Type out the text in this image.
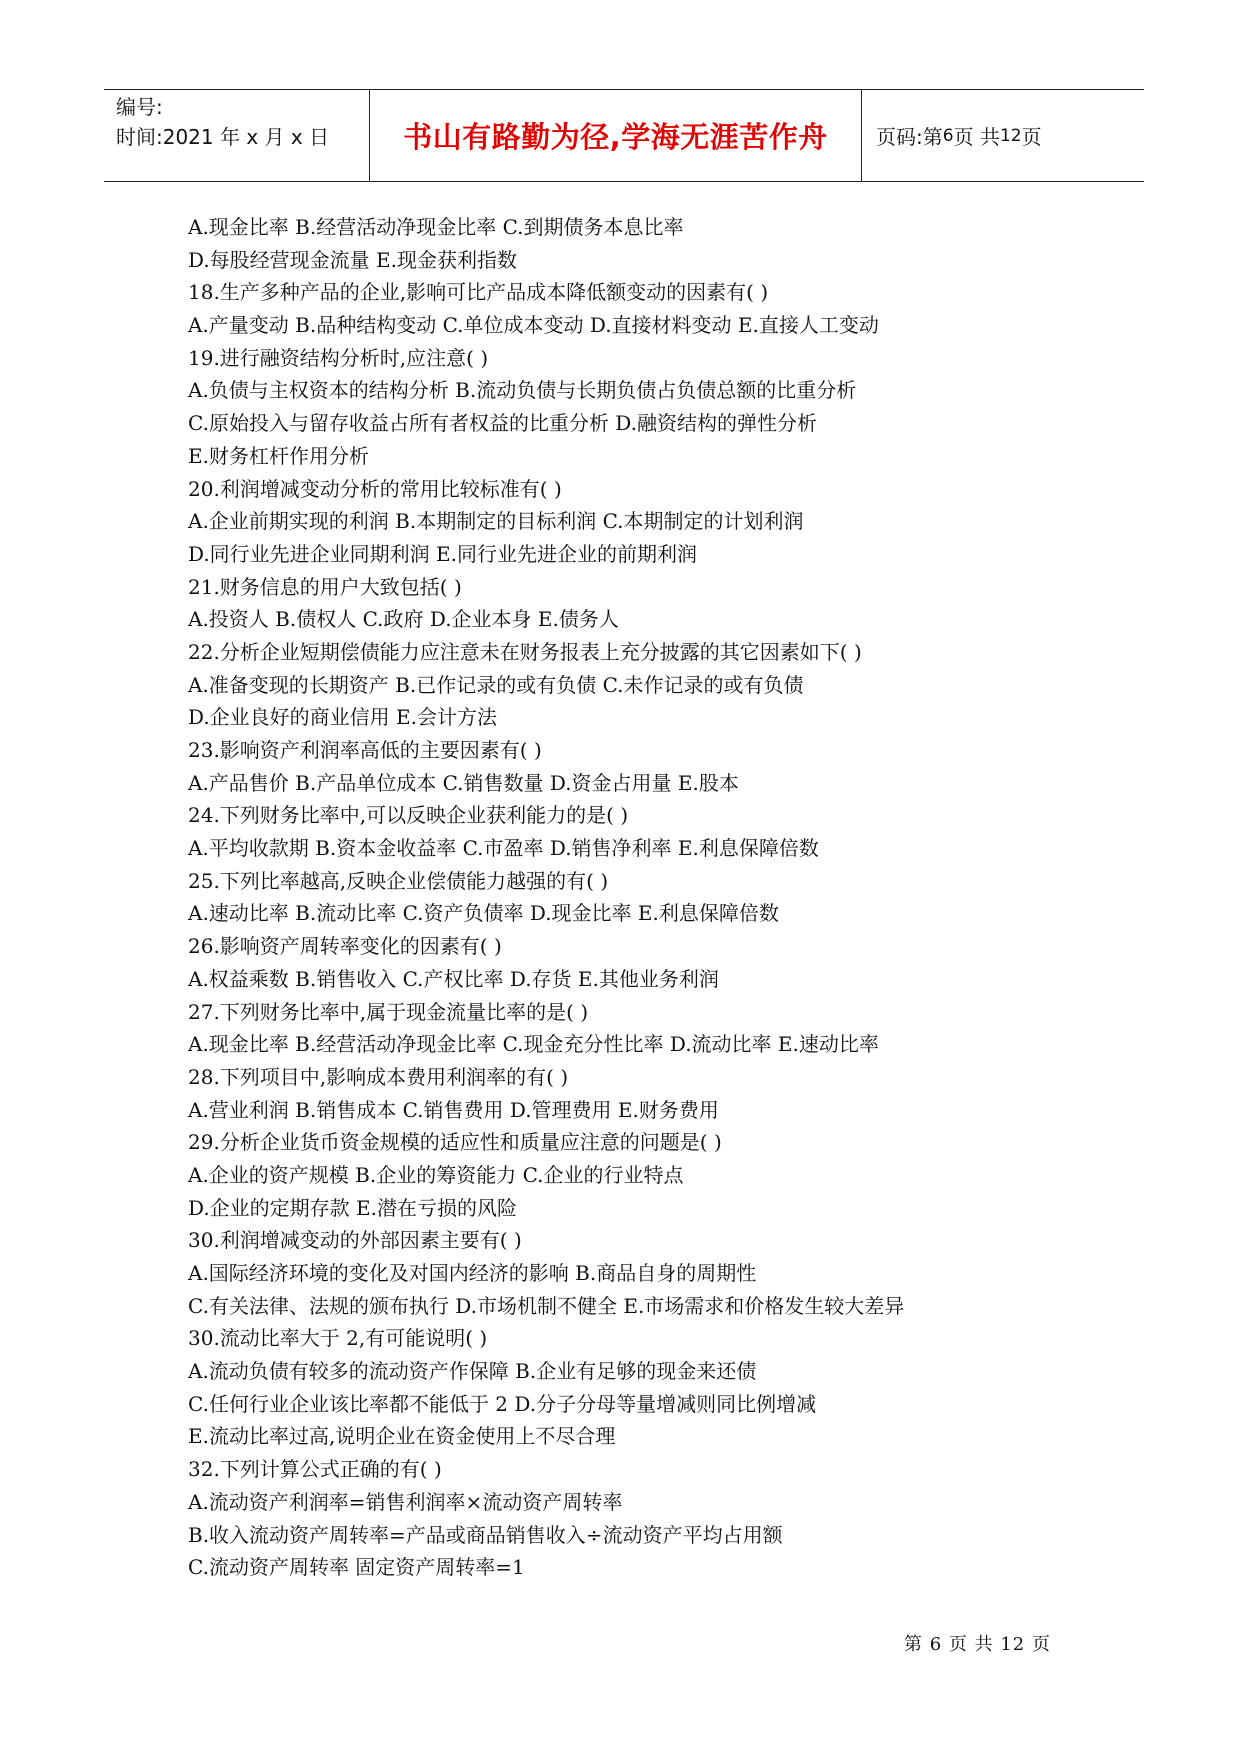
编号:
时间:2021 年 x 月 x 日	书山有路勤为径,学海无涯苦作舟 页码:第 6 页 共 12 页
A.现金比率 B.经营活动净现金比率 C.到期债务本息比率
D.每股经营现金流量 E.现金获利指数
18.生产多种产品的企业,影响可比产品成本降低额变动的因素有( )
A.产量变动 B.品种结构变动 C.单位成本变动 D.直接材料变动 E.直接人工变动
19.进行融资结构分析时,应注意( )
A.负债与主权资本的结构分析 B.流动负债与长期负债占负债总额的比重分析
C.原始投入与留存收益占所有者权益的比重分析 D.融资结构的弹性分析
E.财务杠杆作用分析
20.利润增减变动分析的常用比较标准有( )
A.企业前期实现的利润 B.本期制定的目标利润 C.本期制定的计划利润
D.同行业先进企业同期利润 E.同行业先进企业的前期利润
21.财务信息的用户大致包括( )
A.投资人 B.债权人 C.政府 D.企业本身 E.债务人
22.分析企业短期偿债能力应注意未在财务报表上充分披露的其它因素如下( )
A.准备变现的长期资产 B.已作记录的或有负债 C.未作记录的或有负债
D.企业良好的商业信用 E.会计方法
23.影响资产利润率高低的主要因素有( )
A.产品售价 B.产品单位成本 C.销售数量 D.资金占用量 E.股本
24.下列财务比率中,可以反映企业获利能力的是( )
A.平均收款期 B.资本金收益率 C.市盈率 D.销售净利率 E.利息保障倍数
25.下列比率越高,反映企业偿债能力越强的有( )
A.速动比率 B.流动比率 C.资产负债率 D.现金比率 E.利息保障倍数
26.影响资产周转率变化的因素有( )
A.权益乘数 B.销售收入 C.产权比率 D.存货 E.其他业务利润
27.下列财务比率中,属于现金流量比率的是( )
A.现金比率 B.经营活动净现金比率 C.现金充分性比率 D.流动比率 E.速动比率
28.下列项目中,影响成本费用利润率的有( )
A.营业利润 B.销售成本 C.销售费用 D.管理费用 E.财务费用
29.分析企业货币资金规模的适应性和质量应注意的问题是( )
A.企业的资产规模 B.企业的筹资能力 C.企业的行业特点
D.企业的定期存款 E.潜在亏损的风险
30.利润增减变动的外部因素主要有( )
A.国际经济环境的变化及对国内经济的影响 B.商品自身的周期性
C.有关法律、法规的颁布执行 D.市场机制不健全 E.市场需求和价格发生较大差异
30.流动比率大于 2,有可能说明( )
A.流动负债有较多的流动资产作保障 B.企业有足够的现金来还债
C.任何行业企业该比率都不能低于 2 D.分子分母等量增减则同比例增减
E.流动比率过高,说明企业在资金使用上不尽合理
32.下列计算公式正确的有( )
A.流动资产利润率=销售利润率×流动资产周转率
B.收入流动资产周转率=产品或商品销售收入÷流动资产平均占用额
C.流动资产周转率 固定资产周转率=1
第 6 页 共 12 页
